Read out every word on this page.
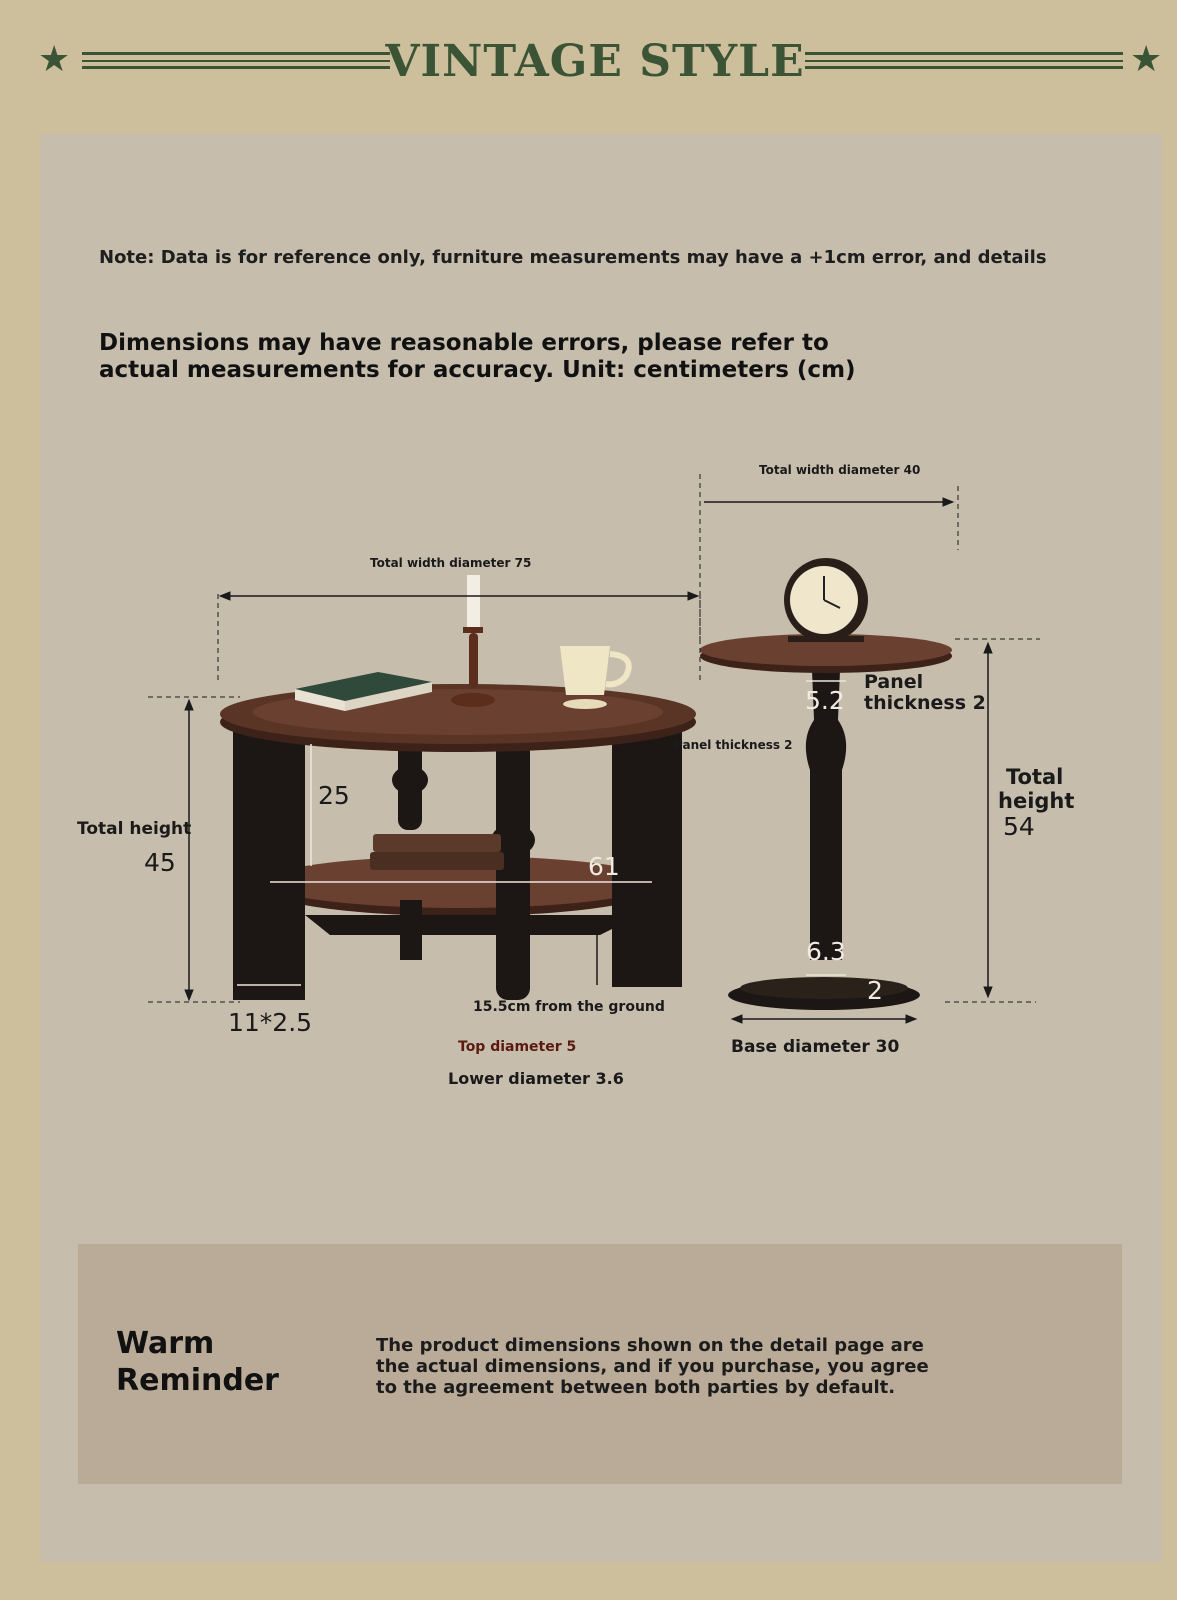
★	VINTAGE STYLE	★
Note: Data is for reference only, furniture measurements may have a +1cm error, and details
Dimensions may have reasonable errors, please refer to actual measurements for accuracy. Unit: centimeters (cm)
Total width diameter 75
Total height
45
25
61
11*2.5
Panel thickness 2
15.5cm from the ground
Top diameter 5
Lower diameter 3.6
Total width diameter 40
5.2
Panel
thickness 2
Total
height
54
6.3
2
Base diameter 30
Warm Reminder
The product dimensions shown on the detail page are the actual dimensions, and if you purchase, you agree to the agreement between both parties by default.
